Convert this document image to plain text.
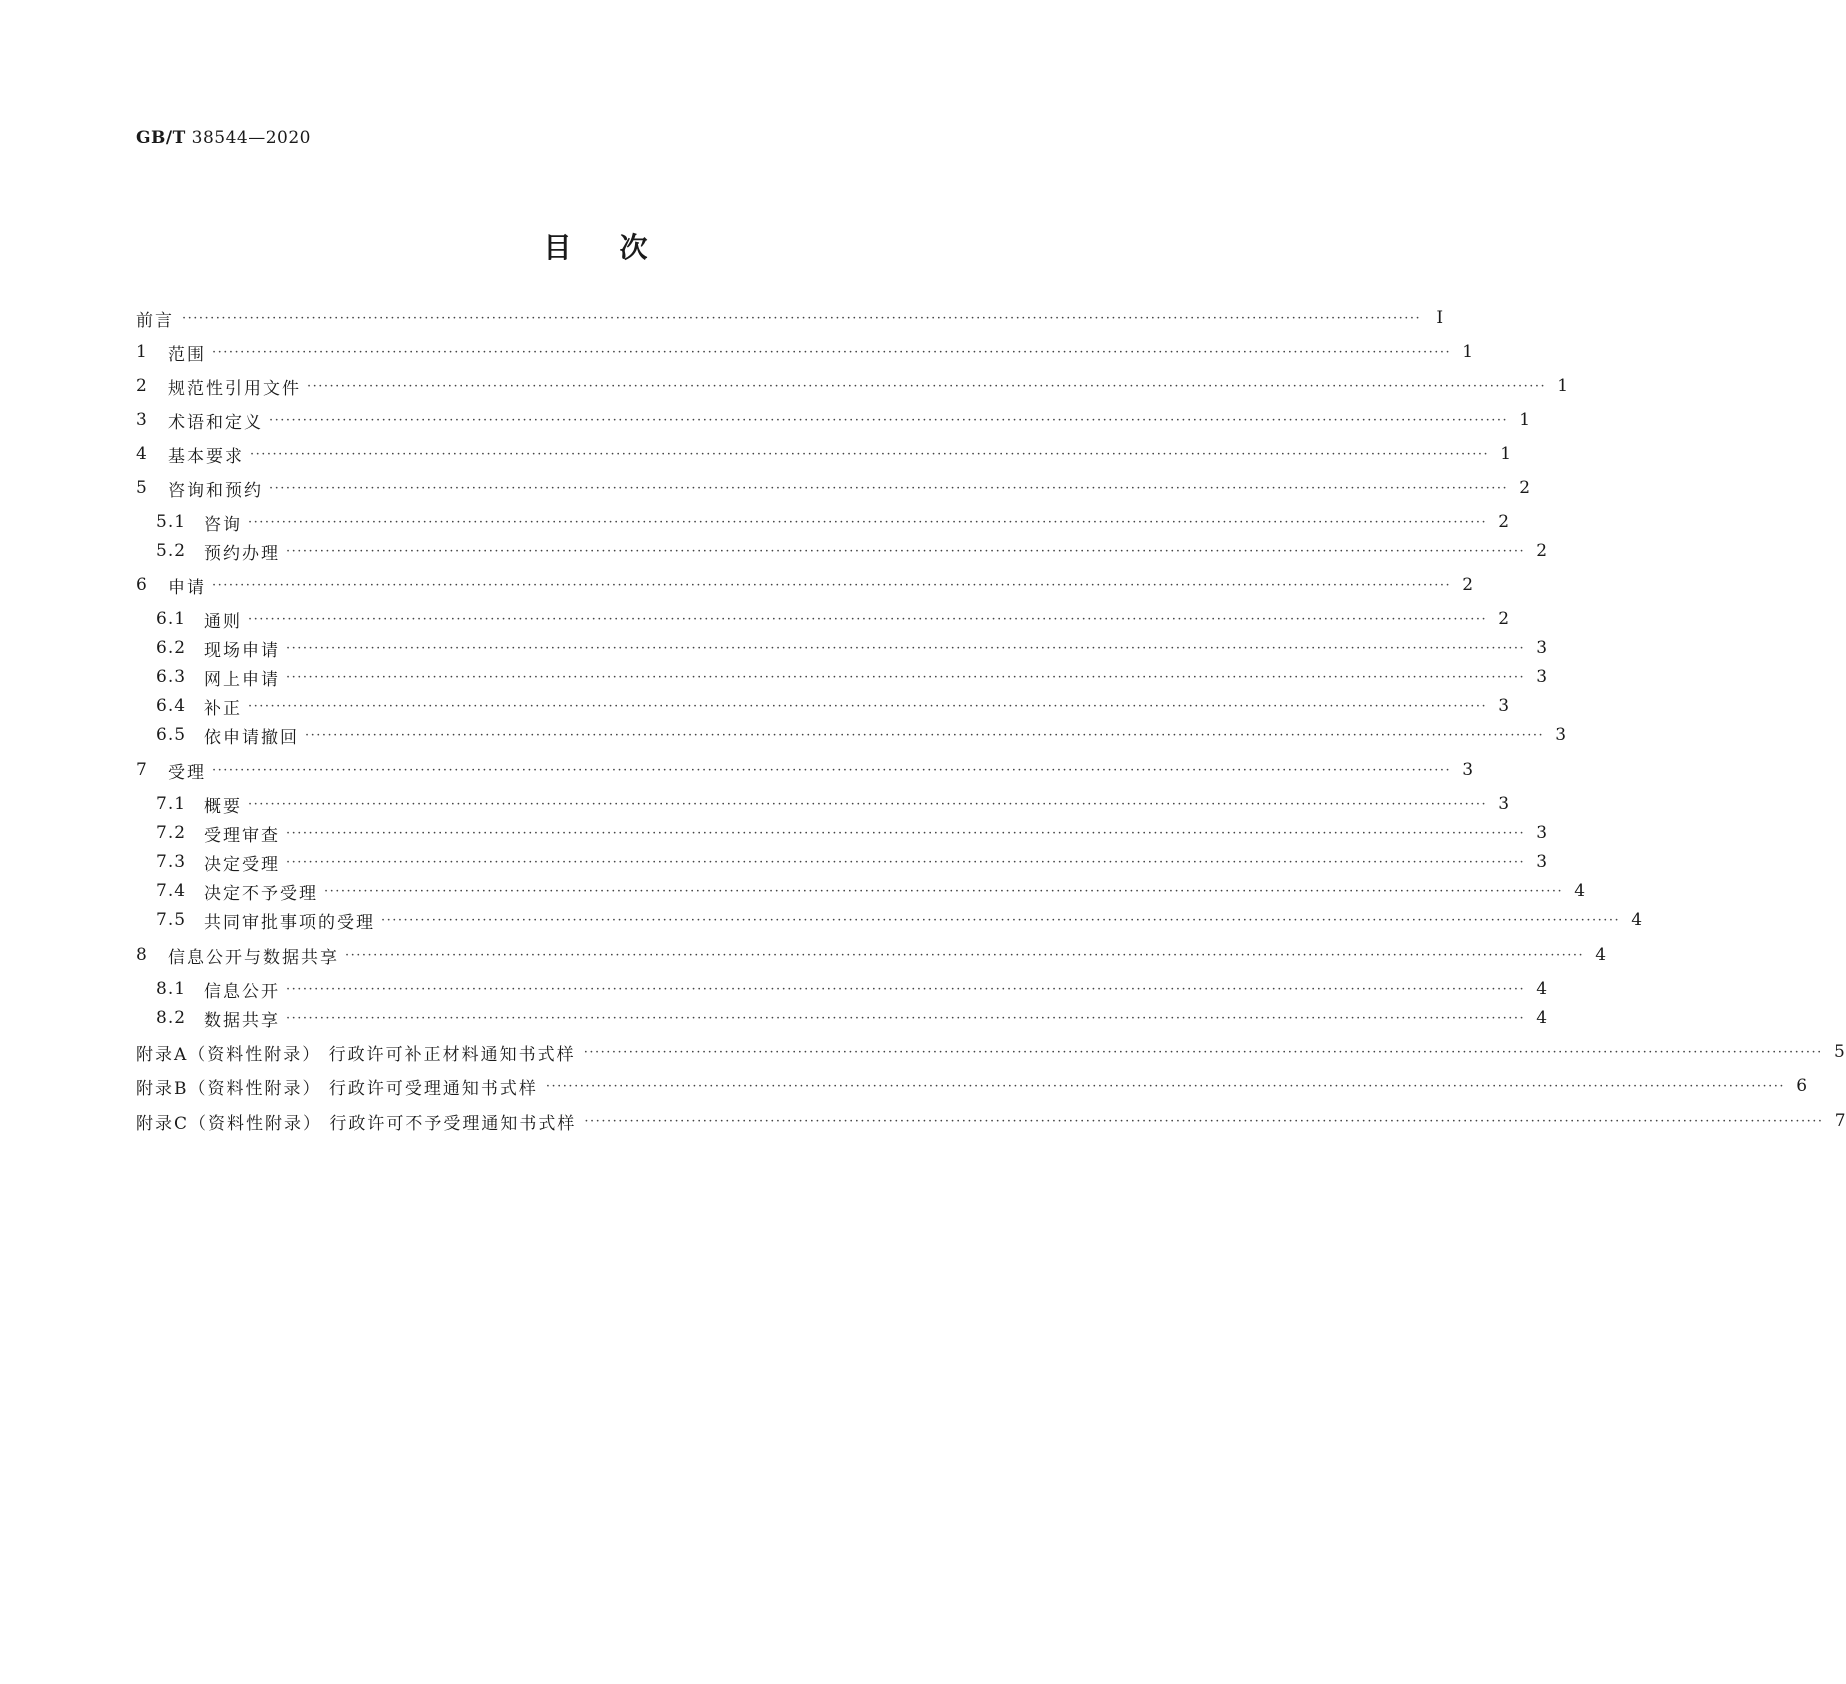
GB/T 38544—2020
目次
前言 ···························································································································································································································· Ⅰ
1	范围 ···························································································································································································································· 1
2	规范性引用文件 ···························································································································································································································· 1
3	术语和定义 ···························································································································································································································· 1
4	基本要求 ···························································································································································································································· 1
5	咨询和预约 ···························································································································································································································· 2
5.1	咨询 ···························································································································································································································· 2
5.2	预约办理 ···························································································································································································································· 2
6	申请 ···························································································································································································································· 2
6.1	通则 ···························································································································································································································· 2
6.2	现场申请 ···························································································································································································································· 3
6.3	网上申请 ···························································································································································································································· 3
6.4	补正 ···························································································································································································································· 3
6.5	依申请撤回 ···························································································································································································································· 3
7	受理 ···························································································································································································································· 3
7.1	概要 ···························································································································································································································· 3
7.2	受理审查 ···························································································································································································································· 3
7.3	决定受理 ···························································································································································································································· 3
7.4	决定不予受理 ···························································································································································································································· 4
7.5	共同审批事项的受理 ···························································································································································································································· 4
8	信息公开与数据共享 ···························································································································································································································· 4
8.1	信息公开 ···························································································································································································································· 4
8.2	数据共享 ···························································································································································································································· 4
附录A（资料性附录） 行政许可补正材料通知书式样 ···························································································································································································································· 5
附录B（资料性附录） 行政许可受理通知书式样 ···························································································································································································································· 6
附录C（资料性附录） 行政许可不予受理通知书式样 ···························································································································································································································· 7
